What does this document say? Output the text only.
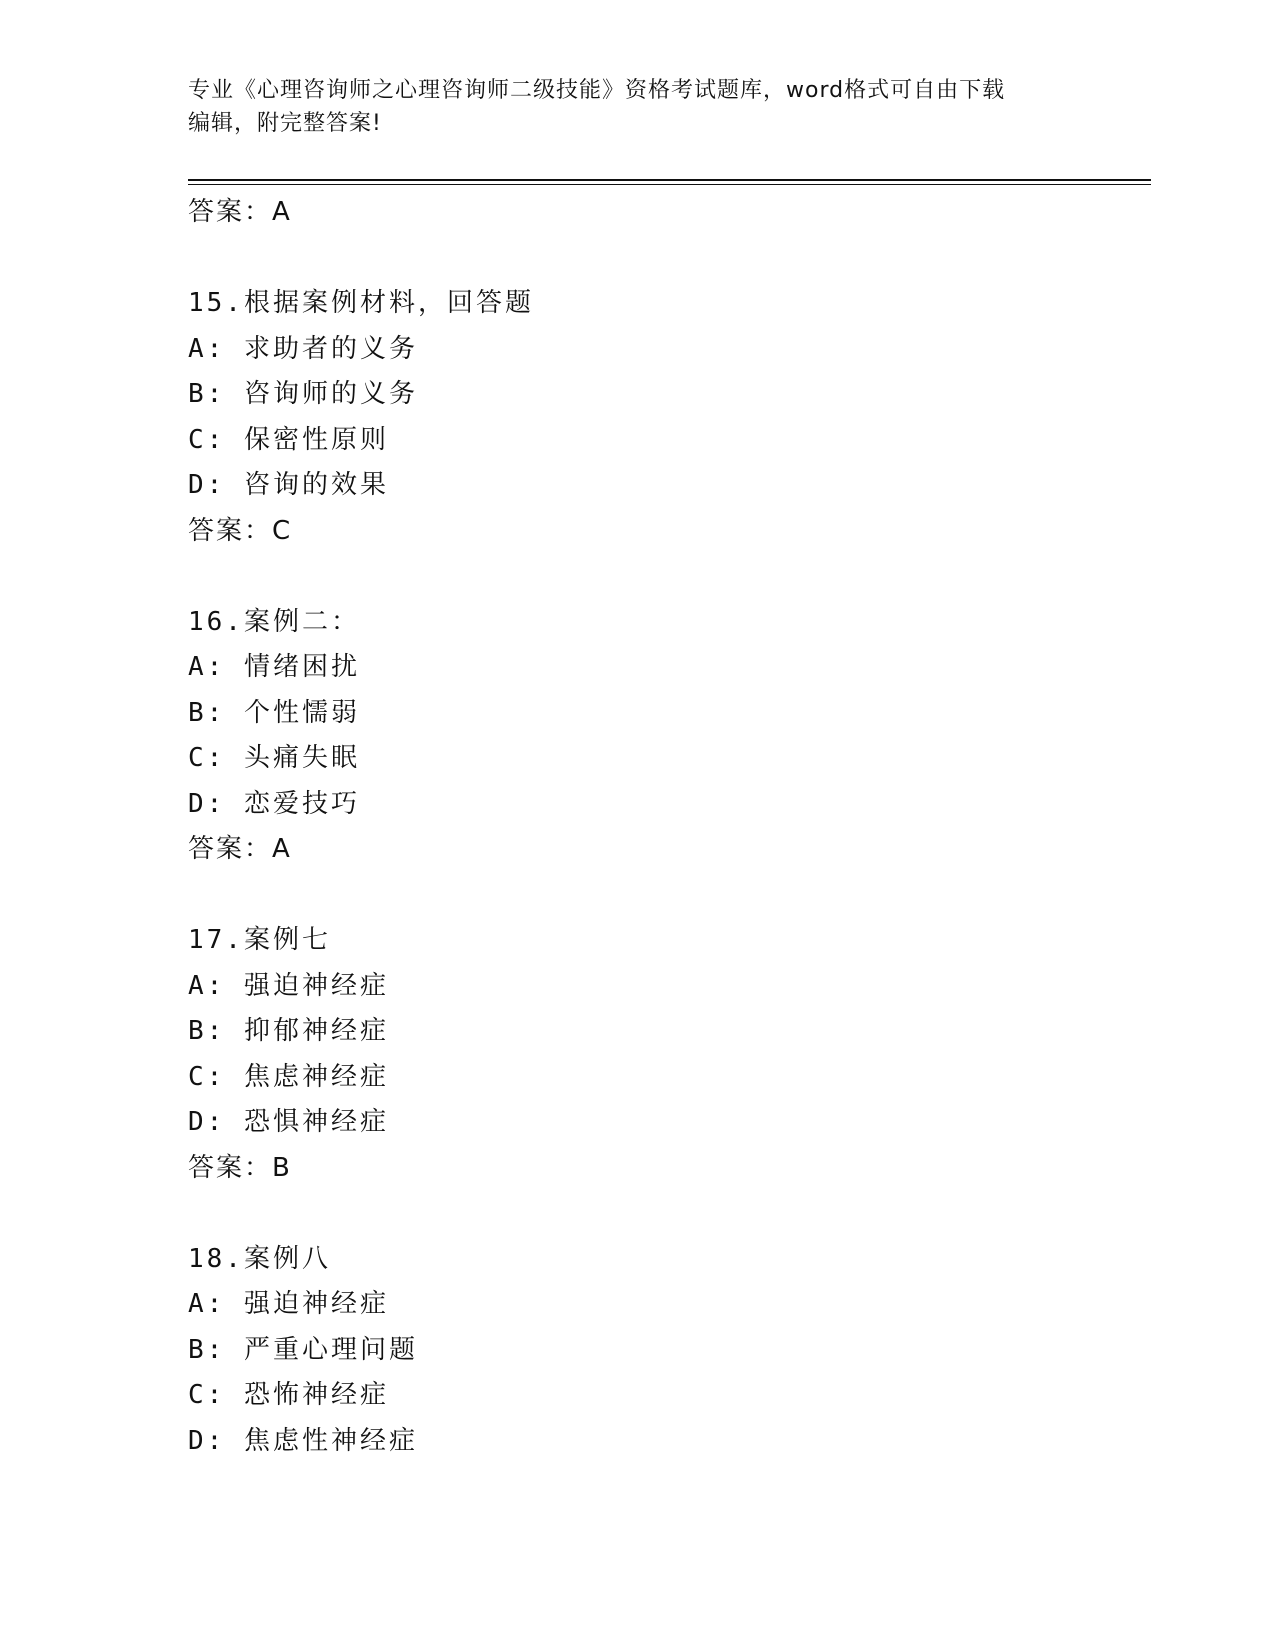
专业《心理咨询师之心理咨询师二级技能》资格考试题库，word格式可自由下载
编辑，附完整答案!
答案：A
15.根据案例材料，回答题
A: 求助者的义务
B: 咨询师的义务
C: 保密性原则
D: 咨询的效果
答案：C
16.案例二：
A: 情绪困扰
B: 个性懦弱
C: 头痛失眠
D: 恋爱技巧
答案：A
17.案例七
A: 强迫神经症
B: 抑郁神经症
C: 焦虑神经症
D: 恐惧神经症
答案：B
18.案例八
A: 强迫神经症
B: 严重心理问题
C: 恐怖神经症
D: 焦虑性神经症
